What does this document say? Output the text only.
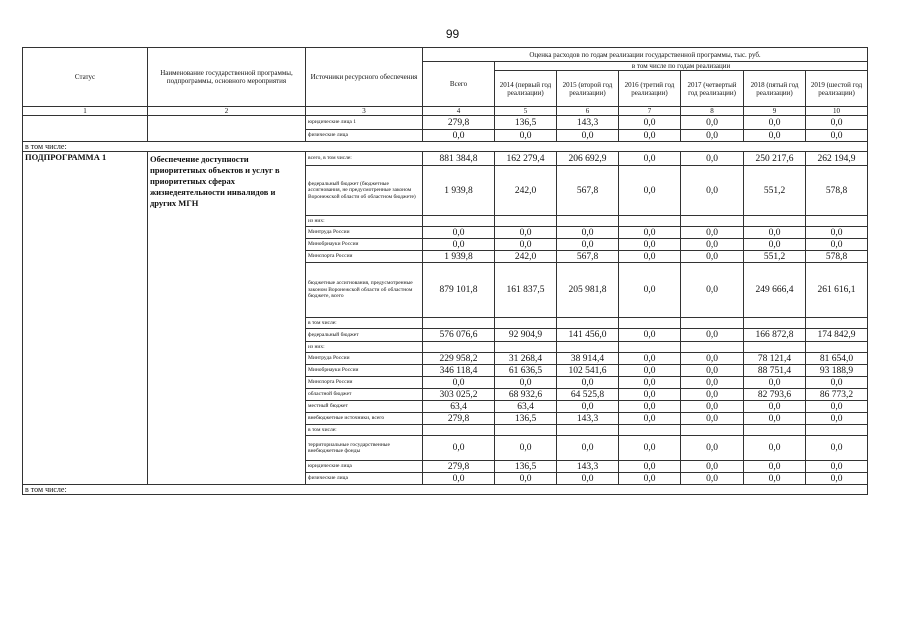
99
Статус	Наименование государственной программы, подпрограммы, основного мероприятия	Источники ресурсного обеспечения	Оценка расходов по годам реализации государственной программы, тыс. руб.						
			Всего	в том числе по годам реализации					
				2014 (первый год реализации)	2015 (второй год реализации)	2016 (третий год реализации)	2017 (четвертый год реализации)	2018 (пятый год реализации)	2019 (шестой год реализации)
1	2	3	4	5	6	7	8	9	10
		юридические лица 1	279,8	136,5	143,3	0,0	0,0	0,0	0,0
		физические лица	0,0	0,0	0,0	0,0	0,0	0,0	0,0
в том числе:									
ПОДПРОГРАММА 1	Обеспечение доступности приоритетных объектов и услуг в приоритетных сферах жизнедеятельности инвалидов и других МГН	всего, в том числе:	881 384,8	162 279,4	206 692,9	0,0	0,0	250 217,6	262 194,9
		федеральный бюджет (бюджетные ассигнования, не предусмотренные законом Воронежской области об областном бюджете)	1 939,8	242,0	567,8	0,0	0,0	551,2	578,8
		из них:							
		Минтруда России	0,0	0,0	0,0	0,0	0,0	0,0	0,0
		Минобрнауки России	0,0	0,0	0,0	0,0	0,0	0,0	0,0
		Минспорта России	1 939,8	242,0	567,8	0,0	0,0	551,2	578,8
		бюджетные ассигнования, предусмотренные законом Воронежской области об областном бюджете, всего	879 101,8	161 837,5	205 981,8	0,0	0,0	249 666,4	261 616,1
		в том числе:							
		федеральный бюджет	576 076,6	92 904,9	141 456,0	0,0	0,0	166 872,8	174 842,9
		из них:							
		Минтруда России	229 958,2	31 268,4	38 914,4	0,0	0,0	78 121,4	81 654,0
		Минобрнауки России	346 118,4	61 636,5	102 541,6	0,0	0,0	88 751,4	93 188,9
		Минспорта России	0,0	0,0	0,0	0,0	0,0	0,0	0,0
		областной бюджет	303 025,2	68 932,6	64 525,8	0,0	0,0	82 793,6	86 773,2
		местный бюджет	63,4	63,4	0,0	0,0	0,0	0,0	0,0
		внебюджетные источники, всего	279,8	136,5	143,3	0,0	0,0	0,0	0,0
		в том числе:							
		территориальные государственные внебюджетные фонды	0,0	0,0	0,0	0,0	0,0	0,0	0,0
		юридические лица	279,8	136,5	143,3	0,0	0,0	0,0	0,0
		физические лица	0,0	0,0	0,0	0,0	0,0	0,0	0,0
в том числе:									
